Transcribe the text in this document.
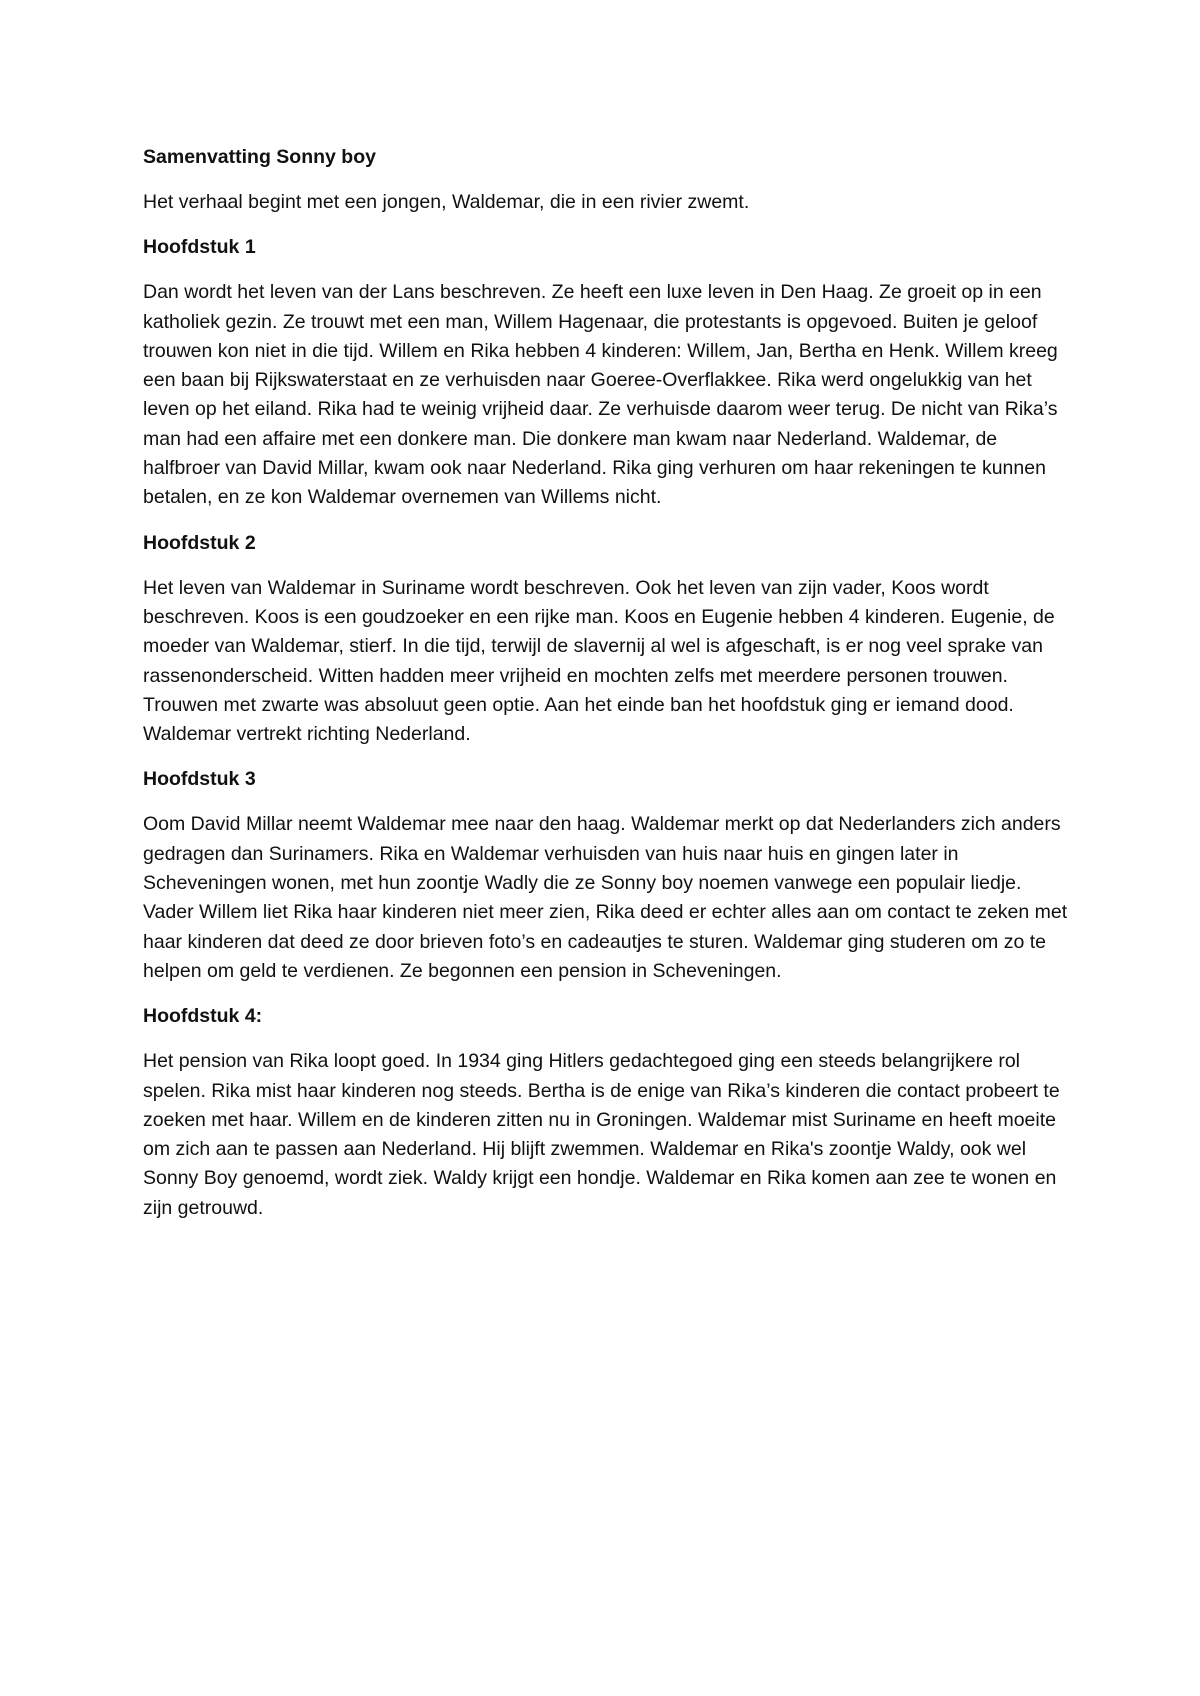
Samenvatting Sonny boy

Het verhaal begint met een jongen, Waldemar, die in een rivier zwemt.

Hoofdstuk 1

Dan wordt het leven van der Lans beschreven. Ze heeft een luxe leven in Den Haag. Ze groeit op in een katholiek gezin. Ze trouwt met een man, Willem Hagenaar, die protestants is opgevoed. Buiten je geloof trouwen kon niet in die tijd. Willem en Rika hebben 4 kinderen: Willem, Jan, Bertha en Henk. Willem kreeg een baan bij Rijkswaterstaat en ze verhuisden naar Goeree-Overflakkee. Rika werd ongelukkig van het leven op het eiland. Rika had te weinig vrijheid daar. Ze verhuisde daarom weer terug. De nicht van Rika’s man had een affaire met een donkere man. Die donkere man kwam naar Nederland. Waldemar, de halfbroer van David Millar, kwam ook naar Nederland. Rika ging verhuren om haar rekeningen te kunnen betalen, en ze kon Waldemar overnemen van Willems nicht.

Hoofdstuk 2

Het leven van Waldemar in Suriname wordt beschreven. Ook het leven van zijn vader, Koos wordt beschreven. Koos is een goudzoeker en een rijke man. Koos en Eugenie hebben 4 kinderen. Eugenie, de moeder van Waldemar, stierf. In die tijd, terwijl de slavernij al wel is afgeschaft, is er nog veel sprake van rassenonderscheid. Witten hadden meer vrijheid en mochten zelfs met meerdere personen trouwen. Trouwen met zwarte was absoluut geen optie. Aan het einde ban het hoofdstuk ging er iemand dood. Waldemar vertrekt richting Nederland.

Hoofdstuk 3

Oom David Millar neemt Waldemar mee naar den haag. Waldemar merkt op dat Nederlanders zich anders gedragen dan Surinamers. Rika en Waldemar verhuisden van huis naar huis en gingen later in Scheveningen wonen, met hun zoontje Wadly die ze Sonny boy noemen vanwege een populair liedje. Vader Willem liet Rika haar kinderen niet meer zien, Rika deed er echter alles aan om contact te zeken met haar kinderen dat deed ze door brieven foto’s en cadeautjes te sturen. Waldemar ging studeren om zo te helpen om geld te verdienen. Ze begonnen een pension in Scheveningen.

Hoofdstuk 4:

Het pension van Rika loopt goed. In 1934 ging Hitlers gedachtegoed ging een steeds belangrijkere rol spelen. Rika mist haar kinderen nog steeds. Bertha is de enige van Rika’s kinderen die contact probeert te zoeken met haar. Willem en de kinderen zitten nu in Groningen. Waldemar mist Suriname en heeft moeite om zich aan te passen aan Nederland. Hij blijft zwemmen. Waldemar en Rika's zoontje Waldy, ook wel Sonny Boy genoemd, wordt ziek. Waldy krijgt een hondje. Waldemar en Rika komen aan zee te wonen en zijn getrouwd.
